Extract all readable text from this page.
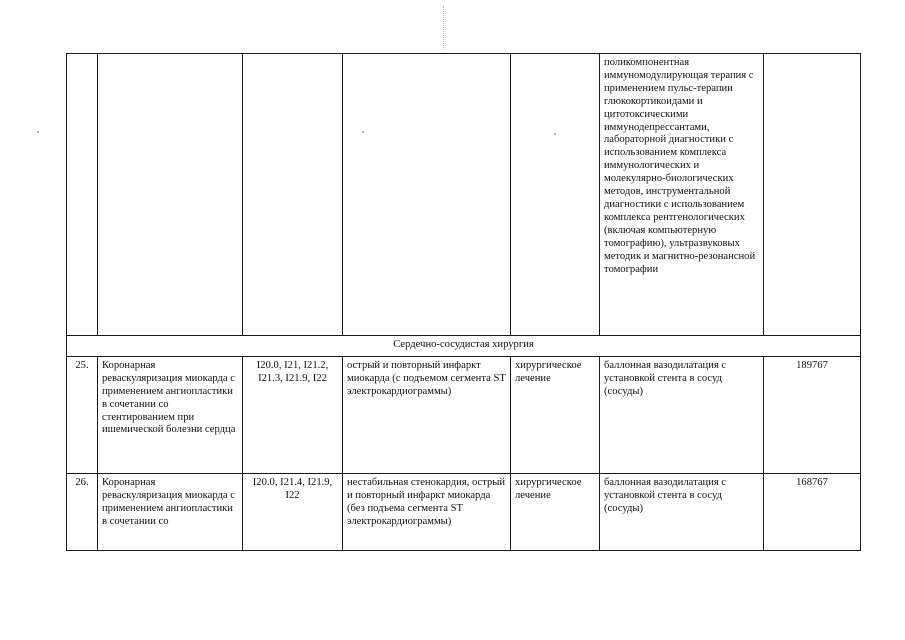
					поликомпонентная иммуномодулирующая терапия с применением пульс-терапии глюкокортикоидами и цитотоксическими иммунодепрессантами, лабораторной диагностики с использованием комплекса иммунологических и молекулярно-биологических методов, инструментальной диагностики с использованием комплекса рентгенологических (включая компьютерную томографию), ультразвуковых методик и магнитно-резонансной томографии	
Сердечно-сосудистая хирургия						
25.	Коронарная реваскуляризация миокарда с применением ангиопластики в сочетании со стентированием при ишемической болезни сердца	I20.0, I21, I21.2, I21.3, I21.9, I22	острый и повторный инфаркт миокарда (с подъемом сегмента ST электрокардиограммы)	хирургическое лечение	баллонная вазодилатация с установкой стента в сосуд (сосуды)	189767
26.	Коронарная реваскуляризация миокарда с применением ангиопластики в сочетании со	I20.0, I21.4, I21.9, I22	нестабильная стенокардия, острый и повторный инфаркт миокарда (без подъема сегмента ST электрокардиограммы)	хирургическое лечение	баллонная вазодилатация с установкой стента в сосуд (сосуды)	168767
